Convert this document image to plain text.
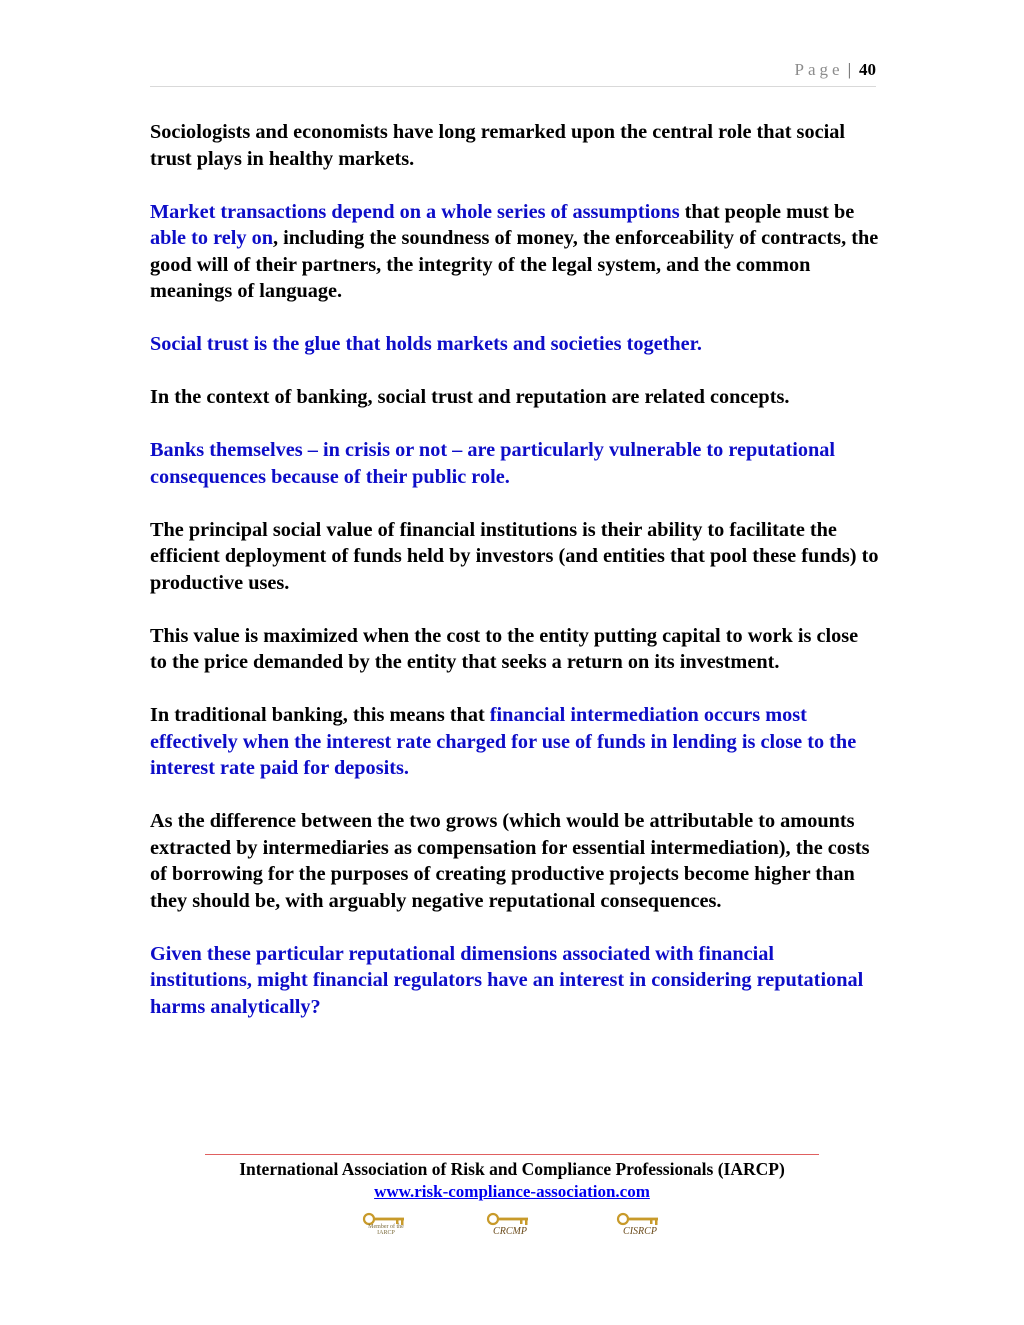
Page | 40

Sociologists and economists have long remarked upon the central role that social trust plays in healthy markets.

Market transactions depend on a whole series of assumptions that people must be able to rely on, including the soundness of money, the enforceability of contracts, the good will of their partners, the integrity of the legal system, and the common meanings of language.

Social trust is the glue that holds markets and societies together.

In the context of banking, social trust and reputation are related concepts.

Banks themselves – in crisis or not – are particularly vulnerable to reputational consequences because of their public role.

The principal social value of financial institutions is their ability to facilitate the efficient deployment of funds held by investors (and entities that pool these funds) to productive uses.

This value is maximized when the cost to the entity putting capital to work is close to the price demanded by the entity that seeks a return on its investment.

In traditional banking, this means that financial intermediation occurs most effectively when the interest rate charged for use of funds in lending is close to the interest rate paid for deposits.

As the difference between the two grows (which would be attributable to amounts extracted by intermediaries as compensation for essential intermediation), the costs of borrowing for the purposes of creating productive projects become higher than they should be, with arguably negative reputational consequences.

Given these particular reputational dimensions associated with financial institutions, might financial regulators have an interest in considering reputational harms analytically?

International Association of Risk and Compliance Professionals (IARCP)
www.risk-compliance-association.com
Member of the IARCP	CRCMP	CISRCP
